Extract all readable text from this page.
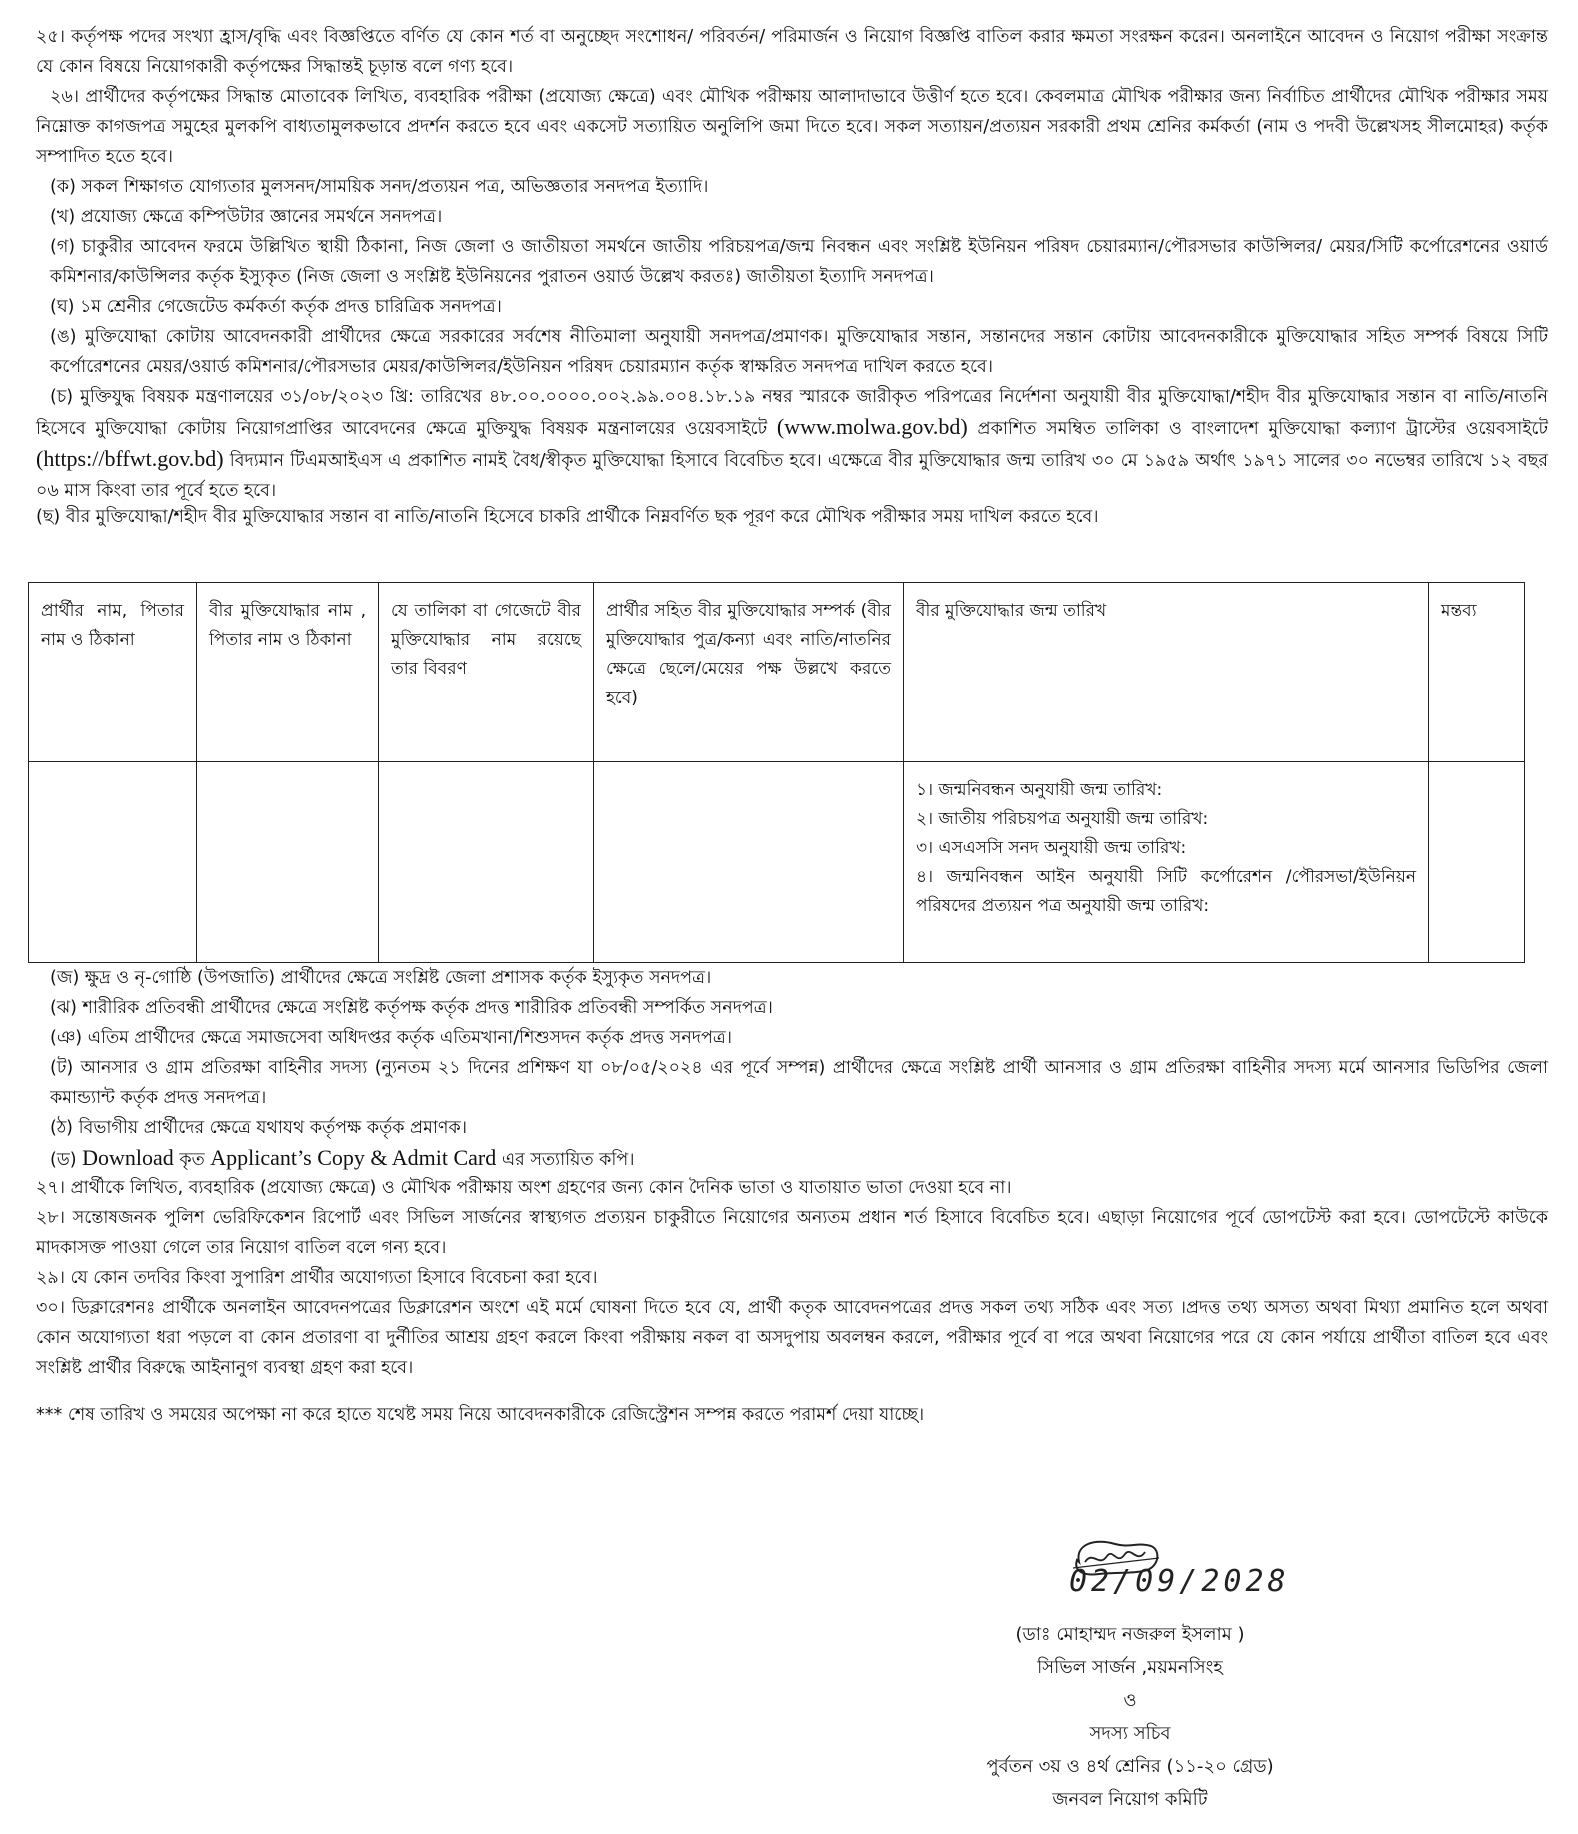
২৫। কর্তৃপক্ষ পদের সংখ্যা হ্রাস/বৃদ্ধি এবং বিজ্ঞপ্তিতে বর্ণিত যে কোন শর্ত বা অনুচ্ছেদ সংশোধন/ পরিবর্তন/ পরিমার্জন ও নিয়োগ বিজ্ঞপ্তি বাতিল করার ক্ষমতা সংরক্ষন করেন। অনলাইনে আবেদন ও নিয়োগ পরীক্ষা সংক্রান্ত যে কোন বিষয়ে নিয়োগকারী কর্তৃপক্ষের সিদ্ধান্তই চূড়ান্ত বলে গণ্য হবে।
২৬। প্রার্থীদের কর্তৃপক্ষের সিদ্ধান্ত মোতাবেক লিখিত, ব্যবহারিক পরীক্ষা (প্রযোজ্য ক্ষেত্রে) এবং মৌখিক পরীক্ষায় আলাদাভাবে উত্তীর্ণ হতে হবে। কেবলমাত্র মৌখিক পরীক্ষার জন্য নির্বাচিত প্রার্থীদের মৌখিক পরীক্ষার সময় নিম্নোক্ত কাগজপত্র সমুহের মুলকপি বাধ্যতামুলকভাবে প্রদর্শন করতে হবে এবং একসেট সত্যায়িত অনুলিপি জমা দিতে হবে। সকল সত্যায়ন/প্রত্যয়ন সরকারী প্রথম শ্রেনির কর্মকর্তা (নাম ও পদবী উল্লেখসহ সীলমোহর) কর্তৃক সম্পাদিত হতে হবে।
(ক) সকল শিক্ষাগত যোগ্যতার মুলসনদ/সাময়িক সনদ/প্রত্যয়ন পত্র, অভিজ্ঞতার সনদপত্র ইত্যাদি।
(খ) প্রযোজ্য ক্ষেত্রে কম্পিউটার জ্ঞানের সমর্থনে সনদপত্র।
(গ) চাকুরীর আবেদন ফরমে উল্লিখিত স্থায়ী ঠিকানা, নিজ জেলা ও জাতীয়তা সমর্থনে জাতীয় পরিচয়পত্র/জন্ম নিবন্ধন এবং সংশ্লিষ্ট ইউনিয়ন পরিষদ চেয়ারম্যান/পৌরসভার কাউন্সিলর/ মেয়র/সিটি কর্পোরেশনের ওয়ার্ড কমিশনার/কাউন্সিলর কর্তৃক ইস্যুকৃত (নিজ জেলা ও সংশ্লিষ্ট ইউনিয়নের পুরাতন ওয়ার্ড উল্লেখ করতঃ) জাতীয়তা ইত্যাদি সনদপত্র।
(ঘ) ১ম শ্রেনীর গেজেটেড কর্মকর্তা কর্তৃক প্রদত্ত চারিত্রিক সনদপত্র।
(ঙ) মুক্তিযোদ্ধা কোটায় আবেদনকারী প্রার্থীদের ক্ষেত্রে সরকারের সর্বশেষ নীতিমালা অনুযায়ী সনদপত্র/প্রমাণক। মুক্তিযোদ্ধার সন্তান, সন্তানদের সন্তান কোটায় আবেদনকারীকে মুক্তিযোদ্ধার সহিত সম্পর্ক বিষয়ে সিটি কর্পোরেশনের মেয়র/ওয়ার্ড কমিশনার/পৌরসভার মেয়র/কাউন্সিলর/ইউনিয়ন পরিষদ চেয়ারম্যান কর্তৃক স্বাক্ষরিত সনদপত্র দাখিল করতে হবে।
(চ) মুক্তিযুদ্ধ বিষয়ক মন্ত্রণালয়ের ৩১/০৮/২০২৩ খ্রি: তারিখের ৪৮.০০.০০০০.০০২.৯৯.০০৪.১৮.১৯ নম্বর স্মারকে জারীকৃত পরিপত্রের নির্দেশনা অনুযায়ী বীর মুক্তিযোদ্ধা/শহীদ বীর মুক্তিযোদ্ধার সন্তান বা নাতি/নাতনি হিসেবে মুক্তিযোদ্ধা কোটায় নিয়োগপ্রাপ্তির আবেদনের ক্ষেত্রে মুক্তিযুদ্ধ বিষয়ক মন্ত্রনালয়ের ওয়েবসাইটে (www.molwa.gov.bd) প্রকাশিত সমম্বিত তালিকা ও বাংলাদেশ মুক্তিযোদ্ধা কল্যাণ ট্রাস্টের ওয়েবসাইটে (https://bffwt.gov.bd) বিদ্যমান টিএমআইএস এ প্রকাশিত নামই বৈধ/স্বীকৃত মুক্তিযোদ্ধা হিসাবে বিবেচিত হবে। এক্ষেত্রে বীর মুক্তিযোদ্ধার জন্ম তারিখ ৩০ মে ১৯৫৯ অর্থাৎ ১৯৭১ সালের ৩০ নভেম্বর তারিখে ১২ বছর ০৬ মাস কিংবা তার পূর্বে হতে হবে।
(ছ) বীর মুক্তিযোদ্ধা/শহীদ বীর মুক্তিযোদ্ধার সন্তান বা নাতি/নাতনি হিসেবে চাকরি প্রার্থীকে নিম্নবর্ণিত ছক পূরণ করে মৌখিক পরীক্ষার সময় দাখিল করতে হবে।
প্রার্থীর নাম, পিতার নাম ও ঠিকানা	বীর মুক্তিযোদ্ধার নাম , পিতার নাম ও ঠিকানা	যে তালিকা বা গেজেটে বীর মুক্তিযোদ্ধার নাম রয়েছে তার বিবরণ	প্রার্থীর সহিত বীর মুক্তিযোদ্ধার সম্পর্ক (বীর মুক্তিযোদ্ধার পুত্র/কন্যা এবং নাতি/নাতনির ক্ষেত্রে ছেলে/মেয়ের পক্ষ উল্লখে করতে হবে)	বীর মুক্তিযোদ্ধার জন্ম তারিখ	মন্তব্য

				১। জন্মনিবন্ধন অনুযায়ী জন্ম তারিখ:
২। জাতীয় পরিচয়পত্র অনুযায়ী জন্ম তারিখ:
৩। এসএসসি সনদ অনুযায়ী জন্ম তারিখ:
৪। জন্মনিবন্ধন আইন অনুযায়ী সিটি কর্পোরেশন /পৌরসভা/ইউনিয়ন পরিষদের প্রত্যয়ন পত্র অনুযায়ী জন্ম তারিখ:	

(জ) ক্ষুদ্র ও নৃ-গোষ্ঠি (উপজাতি) প্রার্থীদের ক্ষেত্রে সংশ্লিষ্ট জেলা প্রশাসক কর্তৃক ইস্যুকৃত সনদপত্র।
(ঝ) শারীরিক প্রতিবন্ধী প্রার্থীদের ক্ষেত্রে সংশ্লিষ্ট কর্তৃপক্ষ কর্তৃক প্রদত্ত শারীরিক প্রতিবন্ধী সম্পর্কিত সনদপত্র।
(ঞ) এতিম প্রার্থীদের ক্ষেত্রে সমাজসেবা অধিদপ্তর কর্তৃক এতিমখানা/শিশুসদন কর্তৃক প্রদত্ত সনদপত্র।
(ট) আনসার ও গ্রাম প্রতিরক্ষা বাহিনীর সদস্য (ন্যুনতম ২১ দিনের প্রশিক্ষণ যা ০৮/০৫/২০২৪ এর পূর্বে সম্পন্ন) প্রার্থীদের ক্ষেত্রে সংশ্লিষ্ট প্রার্থী আনসার ও গ্রাম প্রতিরক্ষা বাহিনীর সদস্য মর্মে আনসার ভিডিপির জেলা কমান্ড্যান্ট কর্তৃক প্রদত্ত সনদপত্র।
(ঠ) বিভাগীয় প্রার্থীদের ক্ষেত্রে যথাযথ কর্তৃপক্ষ কর্তৃক প্রমাণক।
(ড) Download কৃত Applicant’s Copy & Admit Card এর সত্যায়িত কপি।
২৭। প্রার্থীকে লিখিত, ব্যবহারিক (প্রযোজ্য ক্ষেত্রে) ও মৌখিক পরীক্ষায় অংশ গ্রহণের জন্য কোন দৈনিক ভাতা ও যাতায়াত ভাতা দেওয়া হবে না।
২৮। সন্তোষজনক পুলিশ ভেরিফিকেশন রিপোর্ট এবং সিভিল সার্জনের স্বাস্থ্যগত প্রত্যয়ন চাকুরীতে নিয়োগের অন্যতম প্রধান শর্ত হিসাবে বিবেচিত হবে। এছাড়া নিয়োগের পূর্বে ডোপটেস্ট করা হবে। ডোপটেস্টে কাউকে মাদকাসক্ত পাওয়া গেলে তার নিয়োগ বাতিল বলে গন্য হবে।
২৯। যে কোন তদবির কিংবা সুপারিশ প্রার্থীর অযোগ্যতা হিসাবে বিবেচনা করা হবে।
৩০। ডিক্লারেশনঃ প্রার্থীকে অনলাইন আবেদনপত্রের ডিক্লারেশন অংশে এই মর্মে ঘোষনা দিতে হবে যে, প্রার্থী কতৃক আবেদনপত্রের প্রদত্ত সকল তথ্য সঠিক এবং সত্য ।প্রদত্ত তথ্য অসত্য অথবা মিথ্যা প্রমানিত হলে অথবা কোন অযোগ্যতা ধরা পড়লে বা কোন প্রতারণা বা দুর্নীতির আশ্রয় গ্রহণ করলে কিংবা পরীক্ষায় নকল বা অসদুপায় অবলম্বন করলে, পরীক্ষার পূর্বে বা পরে অথবা নিয়োগের পরে যে কোন পর্যায়ে প্রার্থীতা বাতিল হবে এবং সংশ্লিষ্ট প্রার্থীর বিরুদ্ধে আইনানুগ ব্যবস্থা গ্রহণ করা হবে।
*** শেষ তারিখ ও সময়ের অপেক্ষা না করে হাতে যথেষ্ট সময় নিয়ে আবেদনকারীকে রেজিস্ট্রেশন সম্পন্ন করতে পরামর্শ দেয়া যাচ্ছে।
02/09/2028
(ডাঃ মোহাম্মদ নজরুল ইসলাম )
সিভিল সার্জন ,ময়মনসিংহ
ও
সদস্য সচিব
পুর্বতন ৩য় ও ৪র্থ শ্রেনির (১১-২০ গ্রেড)
জনবল নিয়োগ কমিটি
